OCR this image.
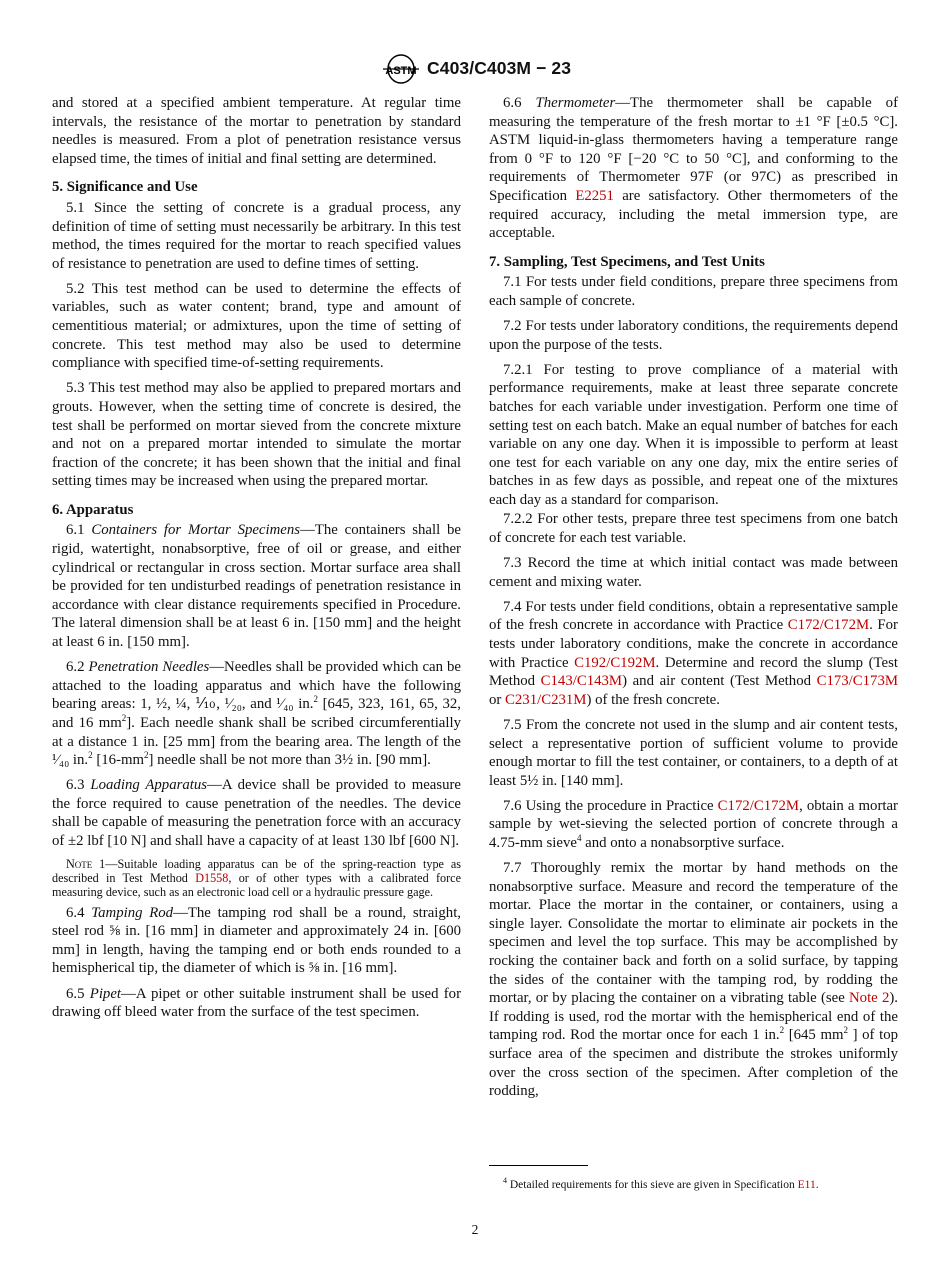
ASTM C403/C403M − 23

and stored at a specified ambient temperature. At regular time intervals, the resistance of the mortar to penetration by standard needles is measured. From a plot of penetration resistance versus elapsed time, the times of initial and final setting are determined.

5. Significance and Use

5.1 Since the setting of concrete is a gradual process, any definition of time of setting must necessarily be arbitrary. In this test method, the times required for the mortar to reach specified values of resistance to penetration are used to define times of setting.

5.2 This test method can be used to determine the effects of variables, such as water content; brand, type and amount of cementitious material; or admixtures, upon the time of setting of concrete. This test method may also be used to determine compliance with specified time-of-setting requirements.

5.3 This test method may also be applied to prepared mortars and grouts. However, when the setting time of concrete is desired, the test shall be performed on mortar sieved from the concrete mixture and not on a prepared mortar intended to simulate the mortar fraction of the concrete; it has been shown that the initial and final setting times may be increased when using the prepared mortar.

6. Apparatus

6.1 Containers for Mortar Specimens—The containers shall be rigid, watertight, nonabsorptive, free of oil or grease, and either cylindrical or rectangular in cross section. Mortar surface area shall be provided for ten undisturbed readings of penetration resistance in accordance with clear distance requirements specified in Procedure. The lateral dimension shall be at least 6 in. [150 mm] and the height at least 6 in. [150 mm].

6.2 Penetration Needles—Needles shall be provided which can be attached to the loading apparatus and which have the following bearing areas: 1, ½, ¼, ⅒, ¹⁄₂₀, and ¹⁄₄₀ in.$^2$ [645, 323, 161, 65, 32, and 16 $mm^2$]. Each needle shank shall be scribed circumferentially at a distance 1 in. [25 mm] from the bearing area. The length of the ¹⁄₄₀ in.$^2$ $[16-mm^2]$ needle shall be not more than 3½ in. [90 mm].

6.3 Loading Apparatus—A device shall be provided to measure the force required to cause penetration of the needles. The device shall be capable of measuring the penetration force with an accuracy of ±2 lbf [10 N] and shall have a capacity of at least 130 lbf [600 N].

Note 1—Suitable loading apparatus can be of the spring-reaction type as described in Test Method D1558, or of other types with a calibrated force measuring device, such as an electronic load cell or a hydraulic pressure gage.

6.4 Tamping Rod—The tamping rod shall be a round, straight, steel rod ⅝ in. [16 mm] in diameter and approximately 24 in. [600 mm] in length, having the tamping end or both ends rounded to a hemispherical tip, the diameter of which is ⅝ in. [16 mm].

6.5 Pipet—A pipet or other suitable instrument shall be used for drawing off bleed water from the surface of the test specimen.

6.6 Thermometer—The thermometer shall be capable of measuring the temperature of the fresh mortar to ±1 °F [±0.5 °C]. ASTM liquid-in-glass thermometers having a temperature range from 0 °F to 120 °F [−20 °C to 50 °C], and conforming to the requirements of Thermometer 97F (or 97C) as prescribed in Specification E2251 are satisfactory. Other thermometers of the required accuracy, including the metal immersion type, are acceptable.

7. Sampling, Test Specimens, and Test Units

7.1 For tests under field conditions, prepare three specimens from each sample of concrete.

7.2 For tests under laboratory conditions, the requirements depend upon the purpose of the tests.

7.2.1 For testing to prove compliance of a material with performance requirements, make at least three separate concrete batches for each variable under investigation. Perform one time of setting test on each batch. Make an equal number of batches for each variable on any one day. When it is impossible to perform at least one test for each variable on any one day, mix the entire series of batches in as few days as possible, and repeat one of the mixtures each day as a standard for comparison.

7.2.2 For other tests, prepare three test specimens from one batch of concrete for each test variable.

7.3 Record the time at which initial contact was made between cement and mixing water.

7.4 For tests under field conditions, obtain a representative sample of the fresh concrete in accordance with Practice C172/C172M. For tests under laboratory conditions, make the concrete in accordance with Practice C192/C192M. Determine and record the slump (Test Method C143/C143M) and air content (Test Method C173/C173M or C231/C231M) of the fresh concrete.

7.5 From the concrete not used in the slump and air content tests, select a representative portion of sufficient volume to provide enough mortar to fill the test container, or containers, to a depth of at least 5½ in. [140 mm].

7.6 Using the procedure in Practice C172/C172M, obtain a mortar sample by wet-sieving the selected portion of concrete through a 4.75-mm sieve$^4$ and onto a nonabsorptive surface.

7.7 Thoroughly remix the mortar by hand methods on the nonabsorptive surface. Measure and record the temperature of the mortar. Place the mortar in the container, or containers, using a single layer. Consolidate the mortar to eliminate air pockets in the specimen and level the top surface. This may be accomplished by rocking the container back and forth on a solid surface, by tapping the sides of the container with the tamping rod, by rodding the mortar, or by placing the container on a vibrating table (see Note 2). If rodding is used, rod the mortar with the hemispherical end of the tamping rod. Rod the mortar once for each 1 in.$^2$ [645 $mm^2$ ] of top surface area of the specimen and distribute the strokes uniformly over the cross section of the specimen. After completion of the rodding,

$^4$ Detailed requirements for this sieve are given in Specification E11.
2
